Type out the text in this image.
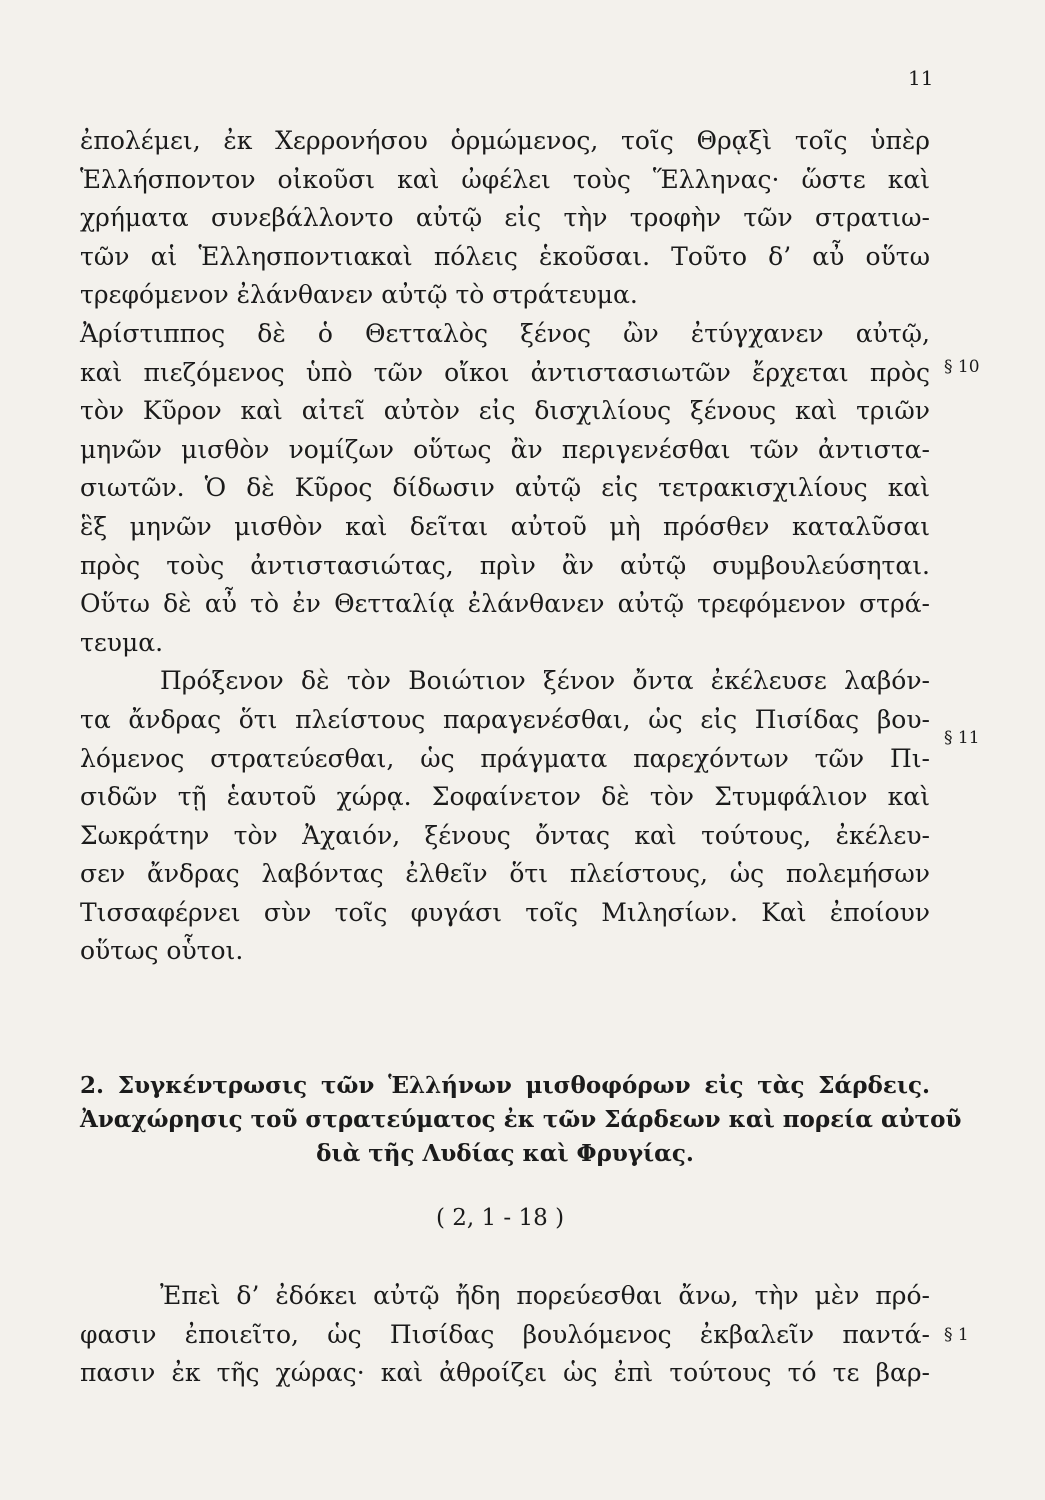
11
ἐπολέμει, ἐκ Χερρονήσου ὁρμώμενος, τοῖς Θρᾳξὶ τοῖς ὑπὲρ
Ἑλλήσποντον οἰκοῦσι καὶ ὠφέλει τοὺς Ἕλληνας· ὥστε καὶ
χρήματα συνεβάλλοντο αὐτῷ εἰς τὴν τροφὴν τῶν στρατιω-
τῶν αἱ Ἑλλησποντιακαὶ πόλεις ἑκοῦσαι. Τοῦτο δ’ αὖ οὕτω
τρεφόμενον ἐλάνθανεν αὐτῷ τὸ στράτευμα.
Ἀρίστιππος δὲ ὁ Θετταλὸς ξένος ὢν ἐτύγχανεν αὐτῷ,
καὶ πιεζόμενος ὑπὸ τῶν οἴκοι ἀντιστασιωτῶν ἔρχεται πρὸς
τὸν Κῦρον καὶ αἰτεῖ αὐτὸν εἰς δισχιλίους ξένους καὶ τριῶν
μηνῶν μισθὸν νομίζων οὕτως ἂν περιγενέσθαι τῶν ἀντιστα-
σιωτῶν. Ὁ δὲ Κῦρος δίδωσιν αὐτῷ εἰς τετρακισχιλίους καὶ
ἓξ μηνῶν μισθὸν καὶ δεῖται αὐτοῦ μὴ πρόσθεν καταλῦσαι
πρὸς τοὺς ἀντιστασιώτας, πρὶν ἂν αὐτῷ συμβουλεύσηται.
Οὕτω δὲ αὖ τὸ ἐν Θετταλίᾳ ἐλάνθανεν αὐτῷ τρεφόμενον στρά-
τευμα.
Πρόξενον δὲ τὸν Βοιώτιον ξένον ὄντα ἐκέλευσε λαβόν-
τα ἄνδρας ὅτι πλείστους παραγενέσθαι, ὡς εἰς Πισίδας βου-
λόμενος στρατεύεσθαι, ὡς πράγματα παρεχόντων τῶν Πι-
σιδῶν τῇ ἑαυτοῦ χώρᾳ. Σοφαίνετον δὲ τὸν Στυμφάλιον καὶ
Σωκράτην τὸν Ἀχαιόν, ξένους ὄντας καὶ τούτους, ἐκέλευ-
σεν ἄνδρας λαβόντας ἐλθεῖν ὅτι πλείστους, ὡς πολεμήσων
Τισσαφέρνει σὺν τοῖς φυγάσι τοῖς Μιλησίων. Καὶ ἐποίουν
οὕτως οὗτοι.
§ 10
§ 11
§ 1
2. Συγκέντρωσις τῶν Ἑλλήνων μισθοφόρων εἰς τὰς Σάρδεις.
Ἀναχώρησις τοῦ στρατεύματος ἐκ τῶν Σάρδεων καὶ πορεία αὐτοῦ
διὰ τῆς Λυδίας καὶ Φρυγίας.
( 2, 1 - 18 )
Ἐπεὶ δ’ ἐδόκει αὐτῷ ἤδη πορεύεσθαι ἄνω, τὴν μὲν πρό-
φασιν ἐποιεῖτο, ὡς Πισίδας βουλόμενος ἐκβαλεῖν παντά-
πασιν ἐκ τῆς χώρας· καὶ ἀθροίζει ὡς ἐπὶ τούτους τό τε βαρ-
